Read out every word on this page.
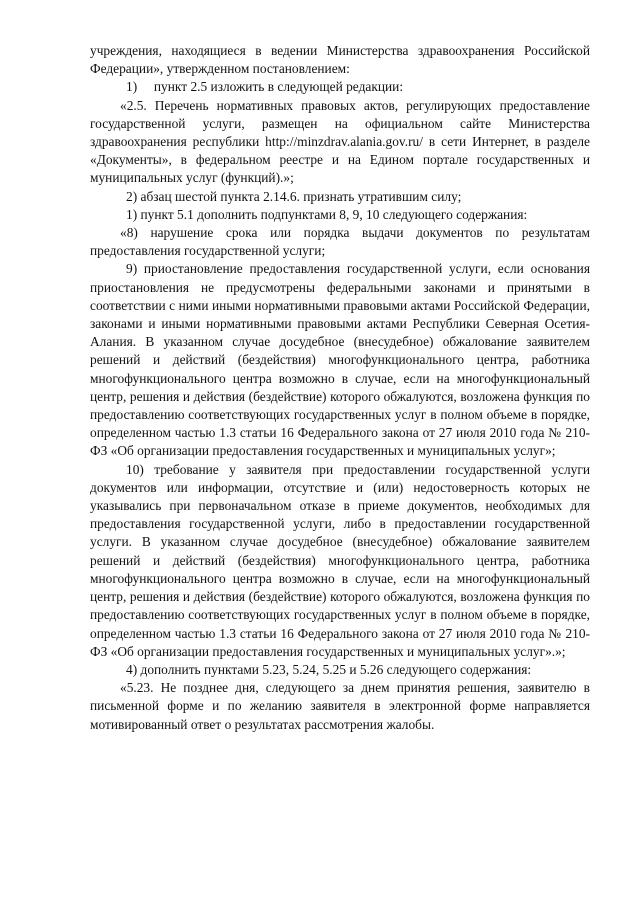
учреждения, находящиеся в ведении Министерства здравоохранения Российской Федерации», утвержденном постановлением:

1)     пункт 2.5 изложить в следующей редакции:

«2.5. Перечень нормативных правовых актов, регулирующих предоставление государственной услуги, размещен на официальном сайте Министерства здравоохранения республики http://minzdrav.alania.gov.ru/ в сети Интернет, в разделе «Документы», в федеральном реестре и на Едином портале государственных и муниципальных услуг (функций).»;

2) абзац шестой пункта 2.14.6. признать утратившим силу;

1) пункт 5.1 дополнить подпунктами 8, 9, 10 следующего содержания:

«8) нарушение срока или порядка выдачи документов по результатам предоставления государственной услуги;

9) приостановление предоставления государственной услуги, если основания приостановления не предусмотрены федеральными законами и принятыми в соответствии с ними иными нормативными правовыми актами Российской Федерации, законами и иными нормативными правовыми актами Республики Северная Осетия-Алания. В указанном случае досудебное (внесудебное) обжалование заявителем решений и действий (бездействия) многофункционального центра, работника многофункционального центра возможно в случае, если на многофункциональный центр, решения и действия (бездействие) которого обжалуются, возложена функция по предоставлению соответствующих государственных услуг в полном объеме в порядке, определенном частью 1.3 статьи 16 Федерального закона от 27 июля 2010 года № 210-ФЗ «Об организации предоставления государственных и муниципальных услуг»;

10) требование у заявителя при предоставлении государственной услуги документов или информации, отсутствие и (или) недостоверность которых не указывались при первоначальном отказе в приеме документов, необходимых для предоставления государственной услуги, либо в предоставлении государственной услуги. В указанном случае досудебное (внесудебное) обжалование заявителем решений и действий (бездействия) многофункционального центра, работника многофункционального центра возможно в случае, если на многофункциональный центр, решения и действия (бездействие) которого обжалуются, возложена функция по предоставлению соответствующих государственных услуг в полном объеме в порядке, определенном частью 1.3 статьи 16 Федерального закона от 27 июля 2010 года № 210-ФЗ «Об организации предоставления государственных и муниципальных услуг».»;

4) дополнить пунктами 5.23, 5.24, 5.25 и 5.26 следующего содержания:

«5.23. Не позднее дня, следующего за днем принятия решения, заявителю в письменной форме и по желанию заявителя в электронной форме направляется мотивированный ответ о результатах рассмотрения жалобы.
